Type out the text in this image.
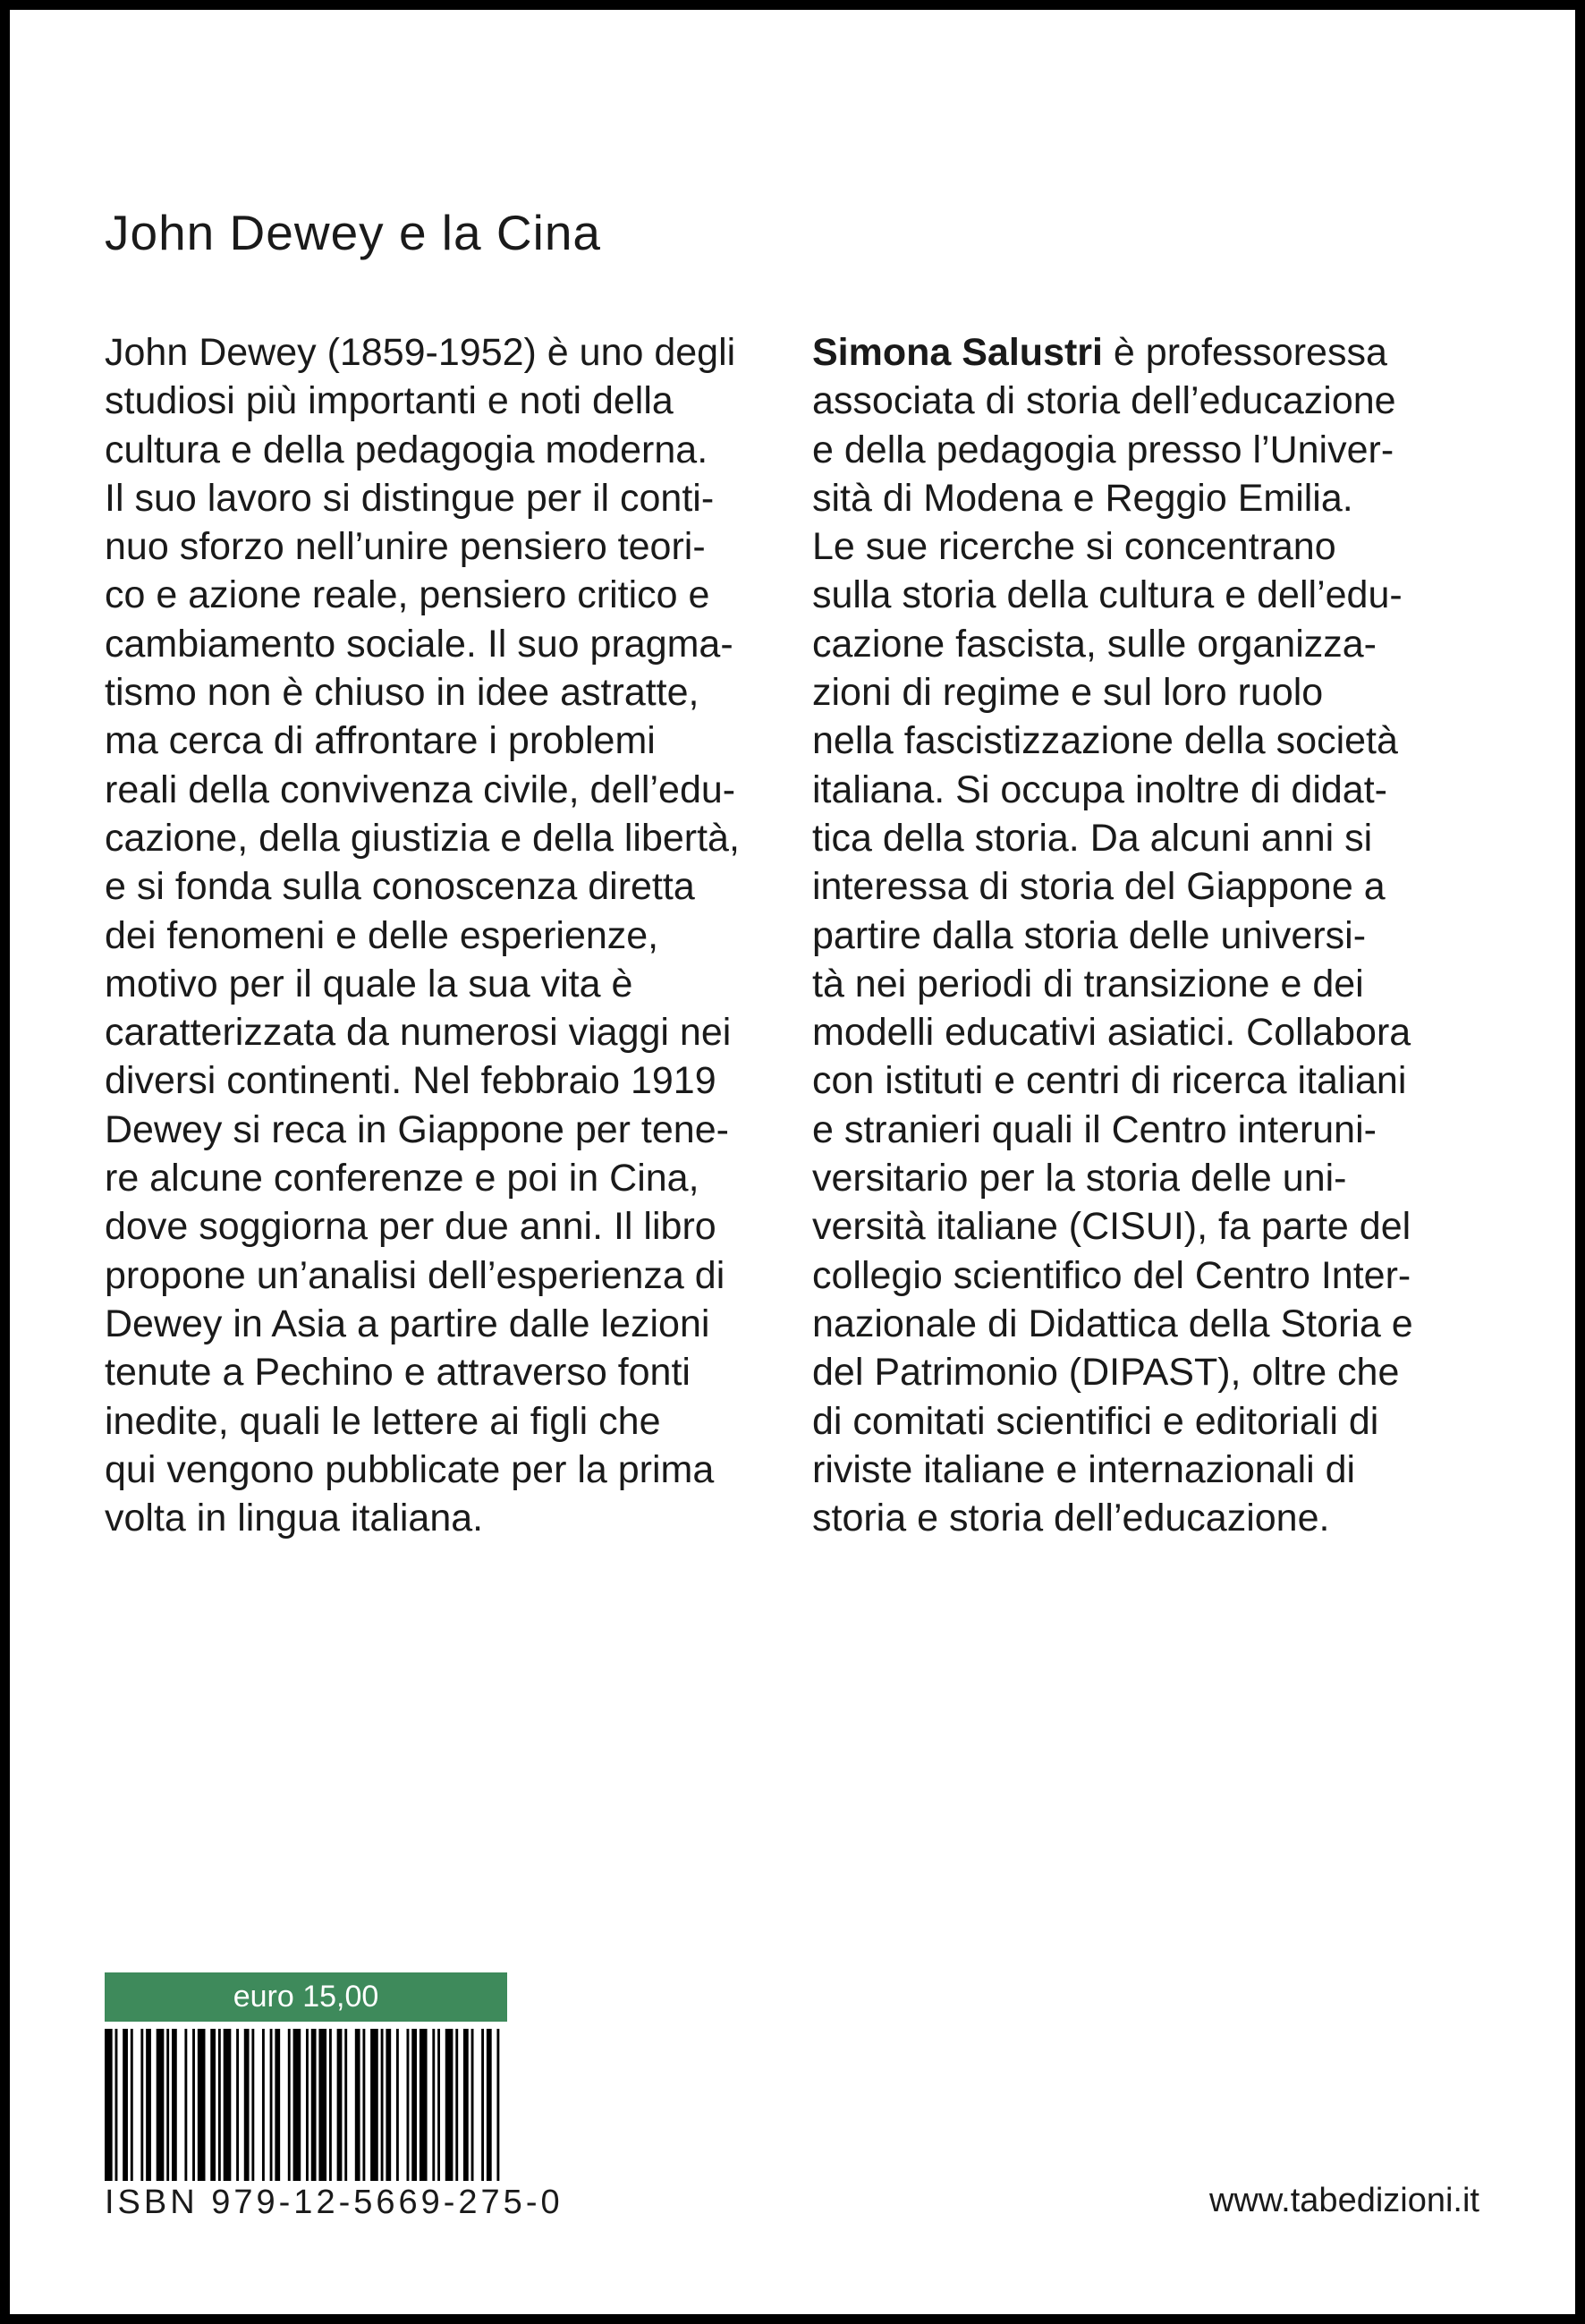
John Dewey e la Cina
John Dewey (1859-1952) è uno degli
studiosi più importanti e noti della
cultura e della pedagogia moderna.
Il suo lavoro si distingue per il conti-
nuo sforzo nell’unire pensiero teori-
co e azione reale, pensiero critico e
cambiamento sociale. Il suo pragma-
tismo non è chiuso in idee astratte,
ma cerca di affrontare i problemi
reali della convivenza civile, dell’edu-
cazione, della giustizia e della libertà,
e si fonda sulla conoscenza diretta
dei fenomeni e delle esperienze,
motivo per il quale la sua vita è
caratterizzata da numerosi viaggi nei
diversi continenti. Nel febbraio 1919
Dewey si reca in Giappone per tene-
re alcune conferenze e poi in Cina,
dove soggiorna per due anni. Il libro
propone un’analisi dell’esperienza di
Dewey in Asia a partire dalle lezioni
tenute a Pechino e attraverso fonti
inedite, quali le lettere ai figli che
qui vengono pubblicate per la prima
volta in lingua italiana.
Simona Salustri è professoressa
associata di storia dell’educazione
e della pedagogia presso l’Univer-
sità di Modena e Reggio Emilia.
Le sue ricerche si concentrano
sulla storia della cultura e dell’edu-
cazione fascista, sulle organizza-
zioni di regime e sul loro ruolo
nella fascistizzazione della società
italiana. Si occupa inoltre di didat-
tica della storia. Da alcuni anni si
interessa di storia del Giappone a
partire dalla storia delle universi-
tà nei periodi di transizione e dei
modelli educativi asiatici. Collabora
con istituti e centri di ricerca italiani
e stranieri quali il Centro interuni-
versitario per la storia delle uni-
versità italiane (CISUI), fa parte del
collegio scientifico del Centro Inter-
nazionale di Didattica della Storia e
del Patrimonio (DIPAST), oltre che
di comitati scientifici e editoriali di
riviste italiane e internazionali di
storia e storia dell’educazione.
euro 15,00
ISBN 979-12-5669-275-0	www.tabedizioni.it
